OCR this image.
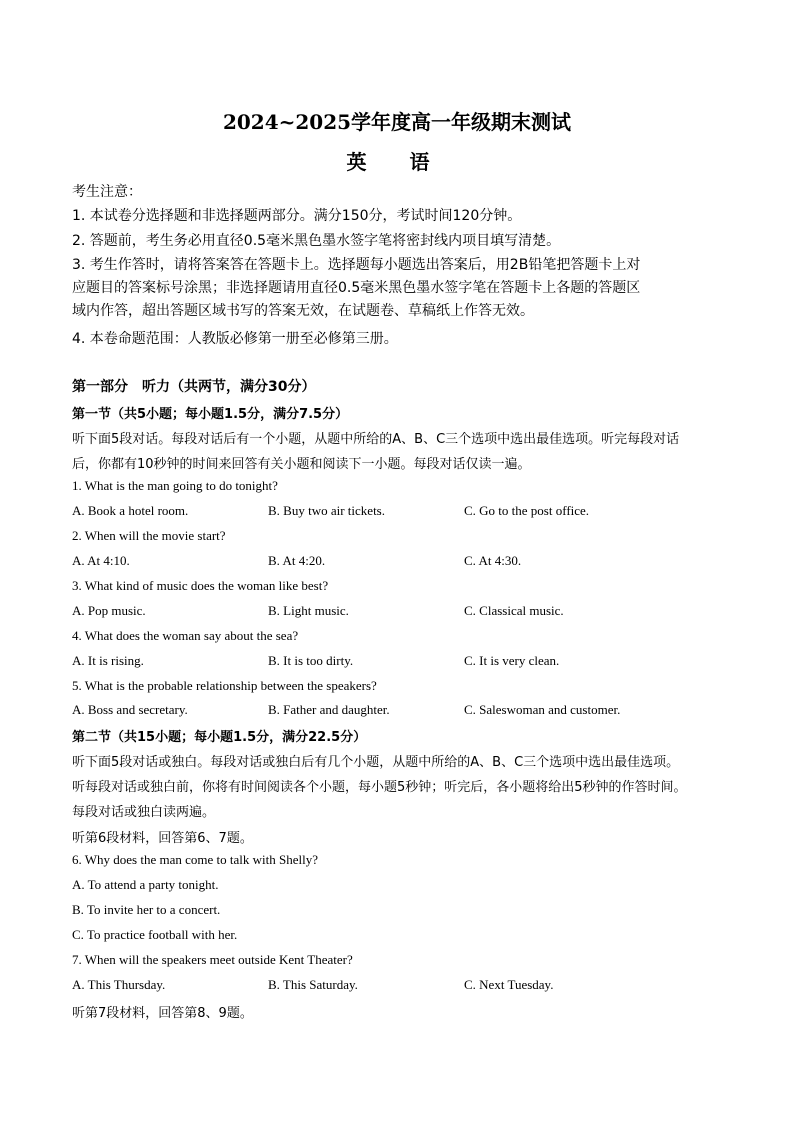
2024~2025学年度高一年级期末测试
英 语
考生注意：
1. 本试卷分选择题和非选择题两部分。满分150分，考试时间120分钟。
2. 答题前，考生务必用直径0.5毫米黑色墨水签字笔将密封线内项目填写清楚。
3. 考生作答时，请将答案答在答题卡上。选择题每小题选出答案后，用2B铅笔把答题卡上对
应题目的答案标号涂黑；非选择题请用直径0.5毫米黑色墨水签字笔在答题卡上各题的答题区
域内作答，超出答题区域书写的答案无效，在试题卷、草稿纸上作答无效。
4. 本卷命题范围：人教版必修第一册至必修第三册。
第一部分　听力（共两节，满分30分）
第一节（共5小题；每小题1.5分，满分7.5分）
听下面5段对话。每段对话后有一个小题，从题中所给的A、B、C三个选项中选出最佳选项。听完每段对话
后，你都有10秒钟的时间来回答有关小题和阅读下一小题。每段对话仅读一遍。
1. What is the man going to do tonight?
A. Book a hotel room.	B. Buy two air tickets.	C. Go to the post office.
2. When will the movie start?
A. At 4:10.	B. At 4:20.	C. At 4:30.
3. What kind of music does the woman like best?
A. Pop music.	B. Light music.	C. Classical music.
4. What does the woman say about the sea?
A. It is rising.	B. It is too dirty.	C. It is very clean.
5. What is the probable relationship between the speakers?
A. Boss and secretary.	B. Father and daughter.	C. Saleswoman and customer.
第二节（共15小题；每小题1.5分，满分22.5分）
听下面5段对话或独白。每段对话或独白后有几个小题，从题中所给的A、B、C三个选项中选出最佳选项。
听每段对话或独白前，你将有时间阅读各个小题，每小题5秒钟；听完后，各小题将给出5秒钟的作答时间。
每段对话或独白读两遍。
听第6段材料，回答第6、7题。
6. Why does the man come to talk with Shelly?
A. To attend a party tonight.
B. To invite her to a concert.
C. To practice football with her.
7. When will the speakers meet outside Kent Theater?
A. This Thursday.	B. This Saturday.	C. Next Tuesday.
听第7段材料，回答第8、9题。
